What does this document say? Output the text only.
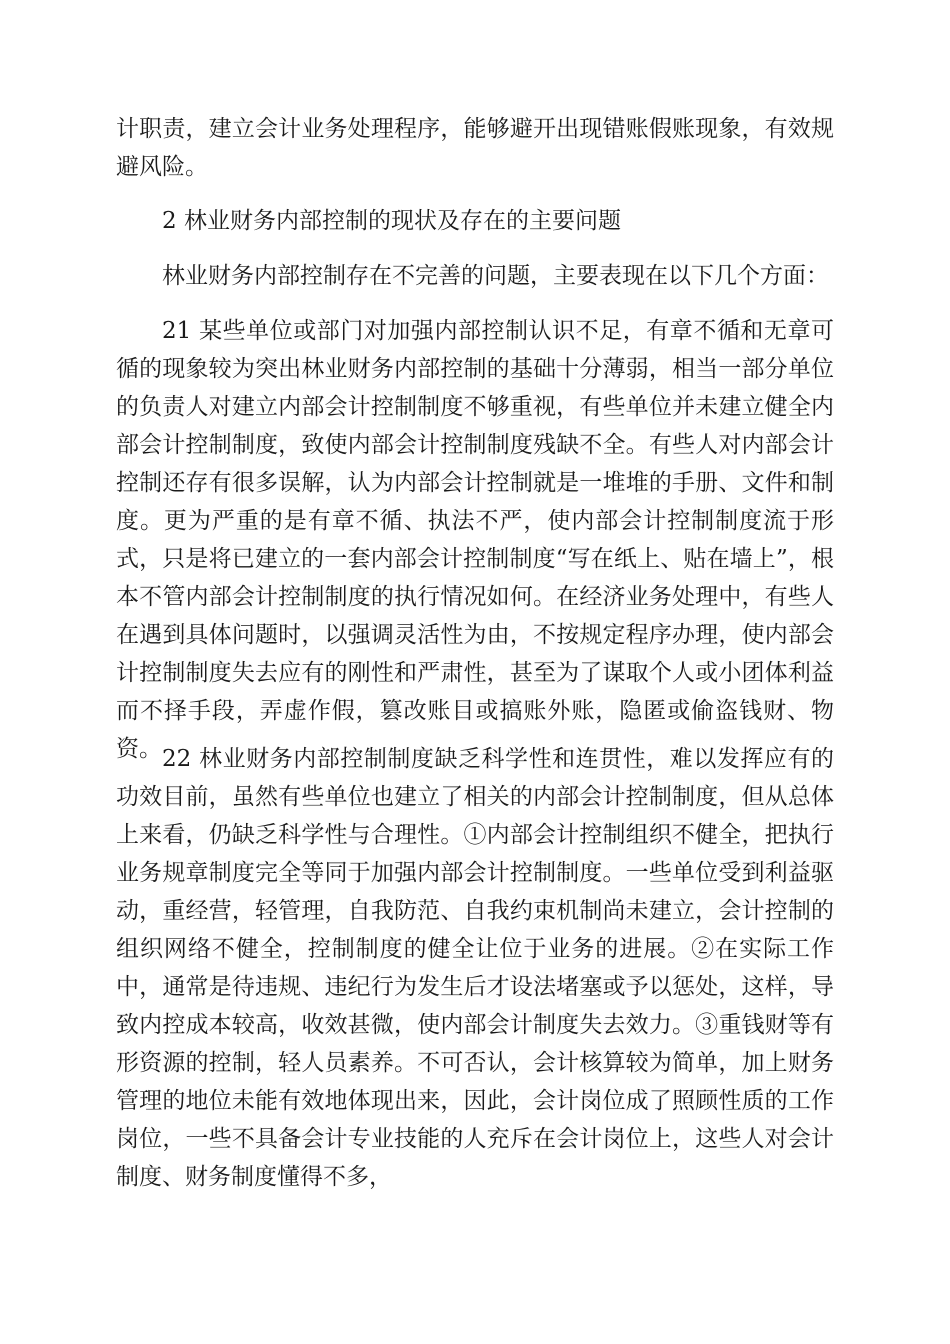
计职责，建立会计业务处理程序，能够避开出现错账假账现象，有效规避风险。

2 林业财务内部控制的现状及存在的主要问题

林业财务内部控制存在不完善的问题，主要表现在以下几个方面：

21 某些单位或部门对加强内部控制认识不足，有章不循和无章可循的现象较为突出林业财务内部控制的基础十分薄弱，相当一部分单位的负责人对建立内部会计控制制度不够重视，有些单位并未建立健全内部会计控制制度，致使内部会计控制制度残缺不全。有些人对内部会计控制还存有很多误解，认为内部会计控制就是一堆堆的手册、文件和制度。更为严重的是有章不循、执法不严，使内部会计控制制度流于形式，只是将已建立的一套内部会计控制制度“写在纸上、贴在墙上”，根本不管内部会计控制制度的执行情况如何。在经济业务处理中，有些人在遇到具体问题时，以强调灵活性为由，不按规定程序办理，使内部会计控制制度失去应有的刚性和严肃性，甚至为了谋取个人或小团体利益而不择手段，弄虚作假，篡改账目或搞账外账，隐匿或偷盗钱财、物资。 22 林业财务内部控制制度缺乏科学性和连贯性，难以发挥应有的功效目前，虽然有些单位也建立了相关的内部会计控制制度，但从总体上来看，仍缺乏科学性与合理性。①内部会计控制组织不健全，把执行业务规章制度完全等同于加强内部会计控制制度。一些单位受到利益驱动，重经营，轻管理，自我防范、自我约束机制尚未建立，会计控制的组织网络不健全，控制制度的健全让位于业务的进展。②在实际工作中，通常是待违规、违纪行为发生后才设法堵塞或予以惩处，这样，导致内控成本较高，收效甚微，使内部会计制度失去效力。③重钱财等有形资源的控制，轻人员素养。不可否认，会计核算较为简单，加上财务管理的地位未能有效地体现出来，因此，会计岗位成了照顾性质的工作岗位，一些不具备会计专业技能的人充斥在会计岗位上，这些人对会计制度、财务制度懂得不多，
